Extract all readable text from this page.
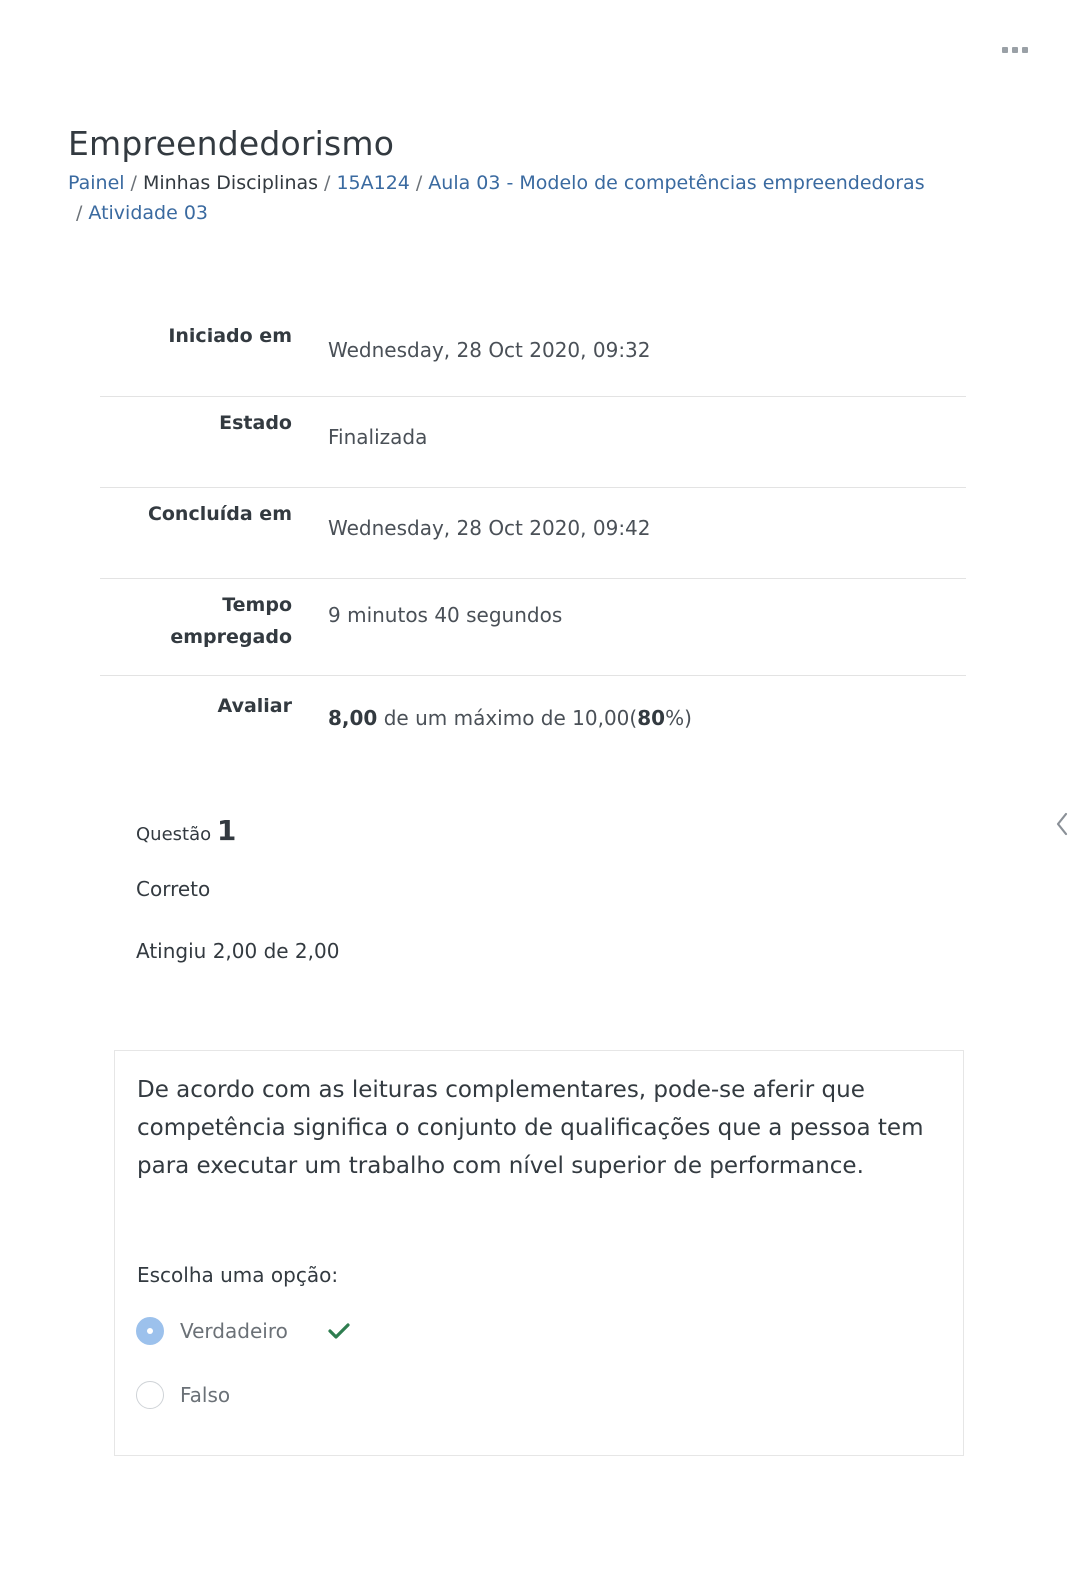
Empreendedorismo
Painel / Minhas Disciplinas / 15A124 / Aula 03 - Modelo de competências empreendedoras
/ Atividade 03
Iniciado em
Wednesday, 28 Oct 2020, 09:32
Estado
Finalizada
Concluída em
Wednesday, 28 Oct 2020, 09:42
Tempo
empregado
9 minutos 40 segundos
Avaliar	8,00 de um máximo de 10,00(80%)
Questão 1
Correto
Atingiu 2,00 de 2,00
De acordo com as leituras complementares, pode-se aferir que competência significa o conjunto de qualificações que a pessoa tem para executar um trabalho com nível superior de performance.
Escolha uma opção:
Verdadeiro
Falso
